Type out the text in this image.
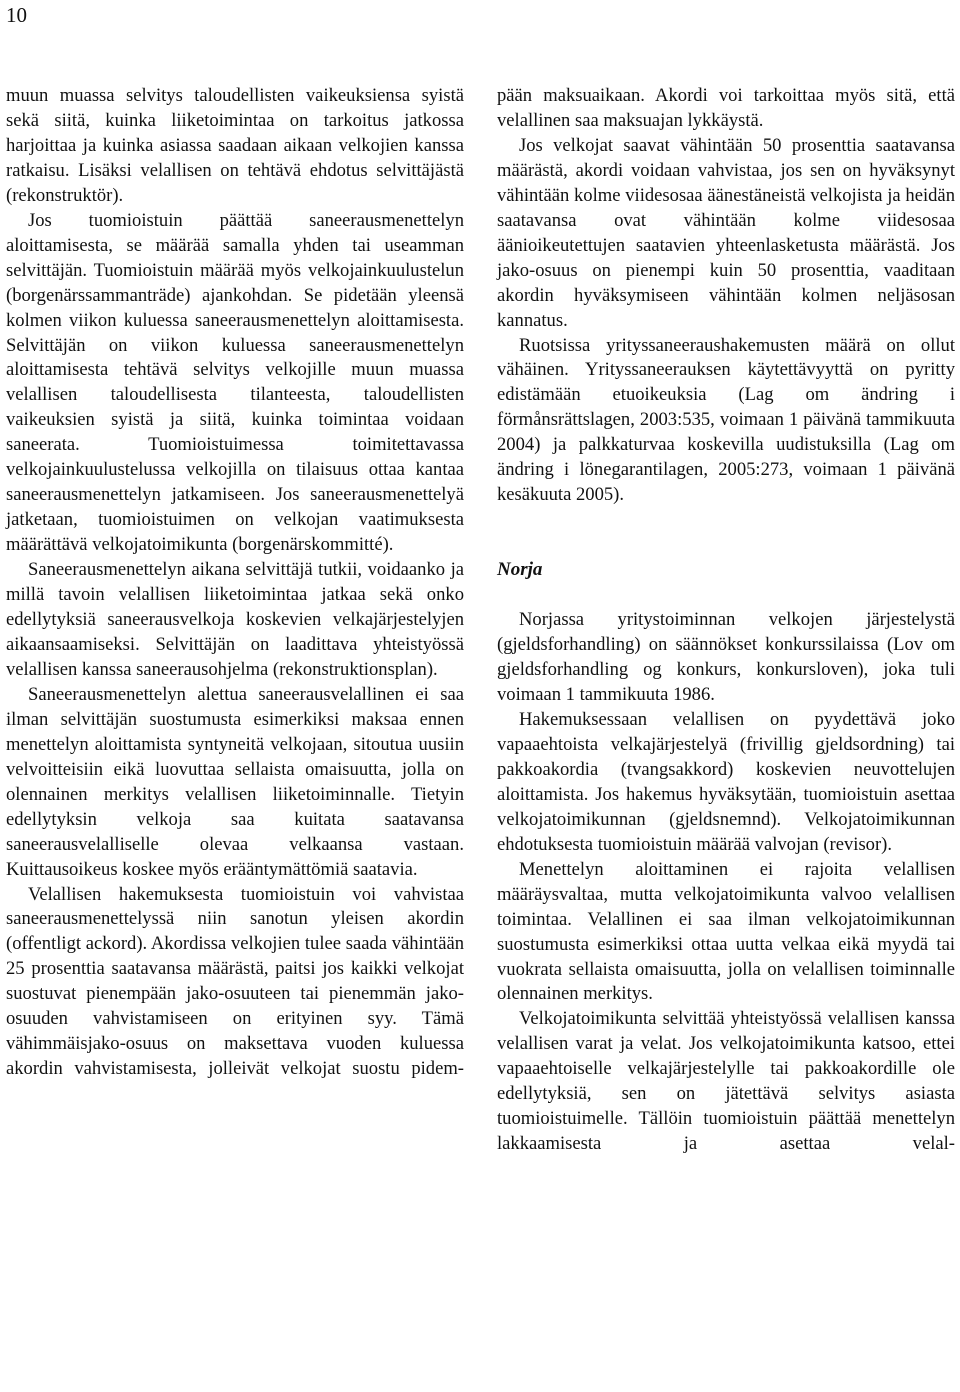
10

muun muassa selvitys taloudellisten vaikeuksiensa syistä sekä siitä, kuinka liiketoimintaa on tarkoitus jatkossa harjoittaa ja kuinka asiassa saadaan aikaan velkojien kanssa ratkaisu. Lisäksi velallisen on tehtävä ehdotus selvittäjästä (rekonstruktör).

Jos tuomioistuin päättää saneerausmenettelyn aloittamisesta, se määrää samalla yhden tai useamman selvittäjän. Tuomioistuin määrää myös velkojainkuulustelun (borgenärssammanträde) ajankohdan. Se pidetään yleensä kolmen viikon kuluessa saneerausmenettelyn aloittamisesta. Selvittäjän on viikon kuluessa saneerausmenettelyn aloittamisesta tehtävä selvitys velkojille muun muassa velallisen taloudellisesta tilanteesta, taloudellisten vaikeuksien syistä ja siitä, kuinka toimintaa voidaan saneerata. Tuomioistuimessa toimitettavassa velkojainkuulustelussa velkojilla on tilaisuus ottaa kantaa saneerausmenettelyn jatkamiseen. Jos saneerausmenettelyä jatketaan, tuomioistuimen on velkojan vaatimuksesta määrättävä velkojatoimikunta (borgenärskommitté).

Saneerausmenettelyn aikana selvittäjä tutkii, voidaanko ja millä tavoin velallisen liiketoimintaa jatkaa sekä onko edellytyksiä saneerausvelkoja koskevien velkajärjestelyjen aikaansaamiseksi. Selvittäjän on laadittava yhteistyössä velallisen kanssa saneerausohjelma (rekonstruktionsplan).

Saneerausmenettelyn alettua saneerausvelallinen ei saa ilman selvittäjän suostumusta esimerkiksi maksaa ennen menettelyn aloittamista syntyneitä velkojaan, sitoutua uusiin velvoitteisiin eikä luovuttaa sellaista omaisuutta, jolla on olennainen merkitys velallisen liiketoiminnalle. Tietyin edellytyksin velkoja saa kuitata saatavansa saneerausvelalliselle olevaa velkaansa vastaan. Kuittausoikeus koskee myös erääntymättömiä saatavia.

Velallisen hakemuksesta tuomioistuin voi vahvistaa saneerausmenettelyssä niin sanotun yleisen akordin (offentligt ackord). Akordissa velkojien tulee saada vähintään 25 prosenttia saatavansa määrästä, paitsi jos kaikki velkojat suostuvat pienempään jako-osuuteen tai pienemmän jako-osuuden vahvistamiseen on erityinen syy. Tämä vähimmäisjako-osuus on maksettava vuoden kuluessa akordin vahvistamisesta, jolleivät velkojat suostu pidem-

pään maksuaikaan. Akordi voi tarkoittaa myös sitä, että velallinen saa maksuajan lykkäystä.

Jos velkojat saavat vähintään 50 prosenttia saatavansa määrästä, akordi voidaan vahvistaa, jos sen on hyväksynyt vähintään kolme viidesosaa äänestäneistä velkojista ja heidän saatavansa ovat vähintään kolme viidesosaa äänioikeutettujen saatavien yhteenlasketusta määrästä. Jos jako-osuus on pienempi kuin 50 prosenttia, vaaditaan akordin hyväksymiseen vähintään kolmen neljäsosan kannatus.

Ruotsissa yrityssaneeraushakemusten määrä on ollut vähäinen. Yrityssaneerauksen käytettävyyttä on pyritty edistämään etuoikeuksia (Lag om ändring i förmånsrättslagen, 2003:535, voimaan 1 päivänä tammikuuta 2004) ja palkkaturvaa koskevilla uudistuksilla (Lag om ändring i lönegarantilagen, 2005:273, voimaan 1 päivänä kesäkuuta 2005).

Norja

Norjassa yritystoiminnan velkojen järjestelystä (gjeldsforhandling) on säännökset konkurssilaissa (Lov om gjeldsforhandling og konkurs, konkursloven), joka tuli voimaan 1 tammikuuta 1986.

Hakemuksessaan velallisen on pyydettävä joko vapaaehtoista velkajärjestelyä (frivillig gjeldsordning) tai pakkoakordia (tvangsakkord) koskevien neuvottelujen aloittamista. Jos hakemus hyväksytään, tuomioistuin asettaa velkojatoimikunnan (gjeldsnemnd). Velkojatoimikunnan ehdotuksesta tuomioistuin määrää valvojan (revisor).

Menettelyn aloittaminen ei rajoita velallisen määräysvaltaa, mutta velkojatoimikunta valvoo velallisen toimintaa. Velallinen ei saa ilman velkojatoimikunnan suostumusta esimerkiksi ottaa uutta velkaa eikä myydä tai vuokrata sellaista omaisuutta, jolla on velallisen toiminnalle olennainen merkitys.

Velkojatoimikunta selvittää yhteistyössä velallisen kanssa velallisen varat ja velat. Jos velkojatoimikunta katsoo, ettei vapaaehtoiselle velkajärjestelylle tai pakkoakordille ole edellytyksiä, sen on jätettävä selvitys asiasta tuomioistuimelle. Tällöin tuomioistuin päättää menettelyn lakkaamisesta ja asettaa velal-
